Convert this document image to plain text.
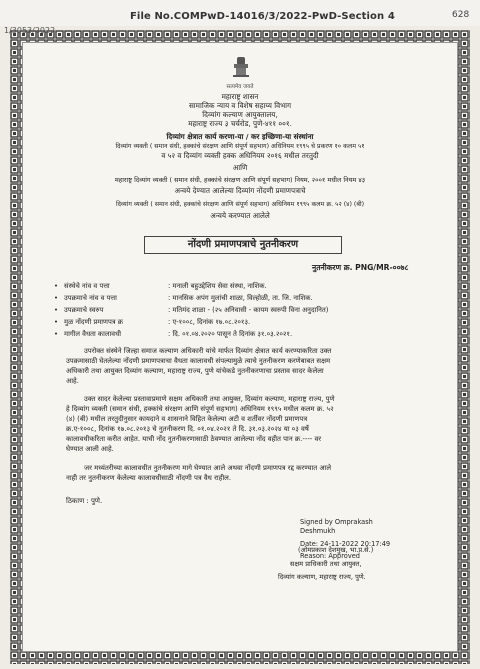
File No.COMPwD-14016/3/2022-PwD-Section 4	628
1/3053/2022
सत्यमेव जयते
महाराष्ट्र शासन
सामाजिक न्याय व विशेष सहाय्य विभाग
दिव्यांग कल्याण आयुक्तालय,
महाराष्ट्र राज्य ३ चर्चरोड, पुणे-४११ ००१.
दिव्यांग क्षेत्रात कार्य करणा-या / कर इच्छिणा-या संस्थांना
दिव्यांग व्यक्ती ( समान संधी, हक्कांचे संरक्षण आणि संपूर्ण सहभाग) अधिनियम १९९५ चे प्रकरण १० कलम ५१
व ५२ व दिव्यांग व्यक्ती हक्क अधिनियम २०१६ मधील तरतुदी
आणि
महाराष्ट्र दिव्यांग व्यक्ती ( समान संधी, हक्कांचे संरक्षण आणि संपूर्ण सहभाग) नियम, २००१ मधील नियम ४३
अन्वये देण्यात आलेल्या दिव्यांग नोंदणी प्रमाणपत्राचे
दिव्यांग व्यक्ती ( समान संधी, हक्कांचे संरक्षण आणि संपूर्ण सहभाग) अधिनियम १९९५ कलम क्र. ५२ (४) (बी)
अन्वये करण्यात आलेले
नोंदणी प्रमाणपत्राचे नुतनीकरण
नुतनीकरण क्र. PNG/MR-००७८
• संस्थेचे नांव व पत्ता	: मनाली बहुउद्देशिय सेवा संस्था, नाशिक.
• उपक्रमाचे नांव व पत्ता	: मानसिक अपंग मुलांची शाळा, विल्होळी, ता. जि. नाशिक.
• उपक्रमाचे स्वरुप	: मतिमंद शाळा - (२५ अनिवासी - कायम स्वरुपी विना अनुदानित)
• मुळ नोंदणी प्रमाणपत्र क्र	: ए-१००८, दिनांक १७.०८.२०१३.
• मागील वैधता कालावधी	: दि. ०१.०४.२०२० पासून ते दिनांक ३१.०३.२०२१.
उपरोक्त संस्थेने जिल्हा समाज कल्याण अधिकारी यांचे मार्फत दिव्यांग क्षेत्रात कार्य करण्याकरिता उक्त
उपक्रमासाठी घेतलेल्या नोंदणी प्रमाणपत्राचा वैधता कालावधी संपल्यामुळे त्याचे नुतनीकरण करणेबाबत सक्षम
अधिकारी तथा आयुक्त दिव्यांग कल्याण, महाराष्ट्र राज्य, पुणे यांचेकडे नुतनीकरणाचा प्रस्ताव सादर केलेला
आहे.
उक्त सादर केलेल्या प्रस्तावाप्रमाणे सक्षम अधिकारी तथा आयुक्त, दिव्यांग कल्याण, महाराष्ट्र राज्य, पुणे
हे दिव्यांग व्यक्ती (समान संधी, हक्कांचे संरक्षण आणि संपूर्ण सहभाग) अधिनियम १९९५ मधील कलम क्र. ५२
(४) (बी) मधील तरतुदीनुसार कायदाने व शासनाने विहित केलेल्या अटी व शर्तीवर नोंदणी प्रमाणपत्र
क्र.ए-१००८, दिनांक १७.०८.२०१३ चे नुतनीकरण दि. ०१.०४.२०२१ ते दि. ३१.०३.२०२४ या ०३ वर्षे
कालावधीकरिता करीत आहेत. याची नोंद नुतनीकरणासाठी ठेवण्यात आलेल्या नोंद वहीत पान क्र.---- वर
घेण्यात आली आहे.
जर मध्यंतरीच्या कालावधीत नुतनीकरण मागे घेण्यात आले अथवा नोंदणी प्रमाणपत्र रद्द करण्यात आले
नाही तर नुतनीकरण केलेल्या कालावधीसाठी नोंदणी पत्र वैध राहील.
ठिकाण : पुणे.
Signed by Omprakash
Deshmukh
Date: 24-11-2022 20:17:49
(ओमप्रकाश देशमुख, भा.प्र.से.)
Reason: Approved
सक्षम प्राधिकारी तथा आयुक्त,
दिव्यांग कल्याण, महाराष्ट्र राज्य, पुणे.
